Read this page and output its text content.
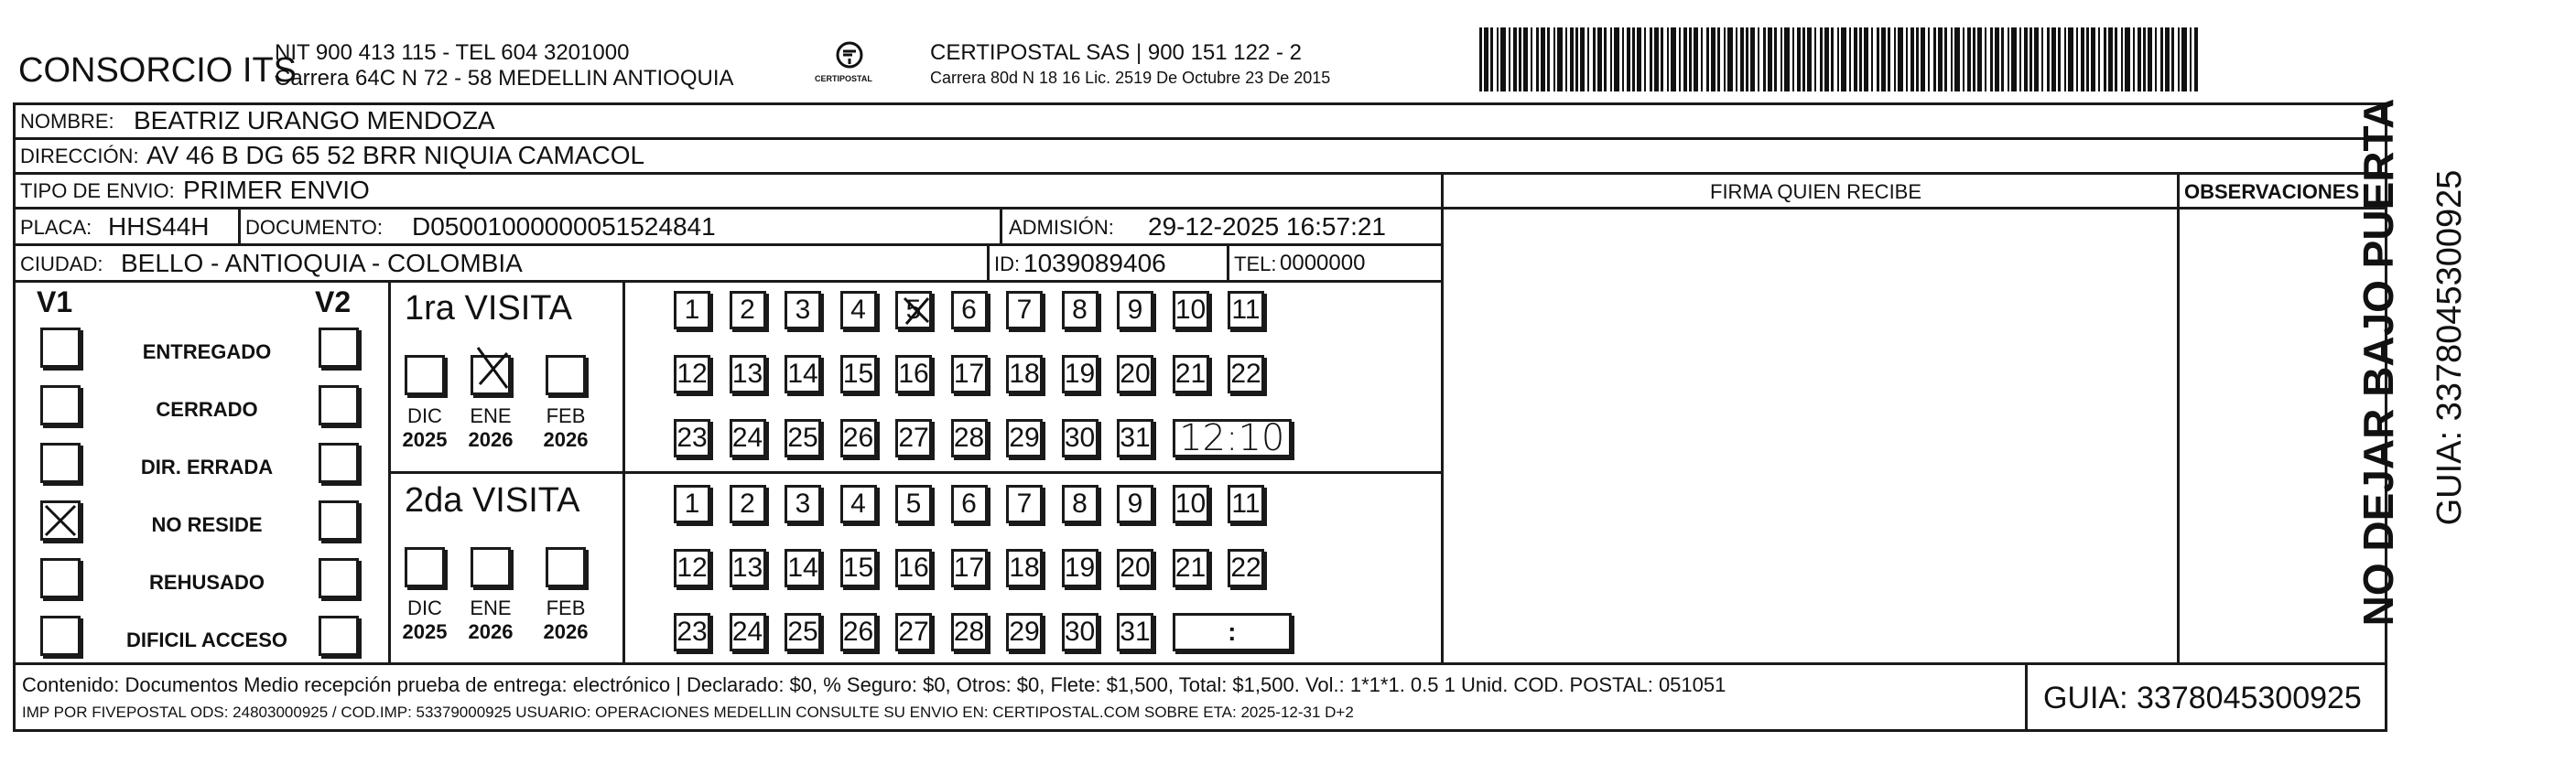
CONSORCIO ITS
NIT 900 413 115 - TEL 604 3201000
Carrera 64C N 72 - 58 MEDELLIN ANTIOQUIA	CERTIPOSTAL
CERTIPOSTAL SAS | 900 151 122 - 2
Carrera 80d N 18 16 Lic. 2519 De Octubre 23 De 2015
NOMBRE: BEATRIZ URANGO MENDOZA
DIRECCIÓN: AV 46 B DG 65 52 BRR NIQUIA CAMACOL
TIPO DE ENVIO: PRIMER ENVIO
PLACA: HHS44H DOCUMENTO: D05001000000051524841	ADMISIÓN: 29-12-2025 16:57:21
CIUDAD: BELLO - ANTIOQUIA - COLOMBIA	ID: 1039089406	TEL: 0000000
FIRMA QUIEN RECIBE	OBSERVACIONES
V1	V2
ENTREGADO
CERRADO
DIR. ERRADA
NO RESIDE
REHUSADO
DIFICIL ACCESO
1ra VISITA
2da VISITA
DIC
2025
ENE
2026
FEB
2026
DIC
2025
ENE
2026
FEB
2026
1	2	3	4	5	6	7	8	9	10 11
12 13 14 15 16 17 18 19 20 21 22
23 24 25 26 27 28 29 30 31 12:10
1	2	3	4	5	6	7	8	9	10 11
12 13 14 15 16 17 18 19 20 21 22
23 24 25 26 27 28 29 30 31	:
Contenido: Documentos Medio recepción prueba de entrega: electrónico | Declarado: $0, % Seguro: $0, Otros: $0, Flete: $1,500, Total: $1,500. Vol.: 1*1*1. 0.5 1 Unid. COD. POSTAL: 051051
IMP POR FIVEPOSTAL ODS: 24803000925 / COD.IMP: 53379000925 USUARIO: OPERACIONES MEDELLIN CONSULTE SU ENVIO EN: CERTIPOSTAL.COM SOBRE ETA: 2025-12-31 D+2	GUIA: 3378045300925
NO DEJAR BAJO PUERTA GUIA: 3378045300925
